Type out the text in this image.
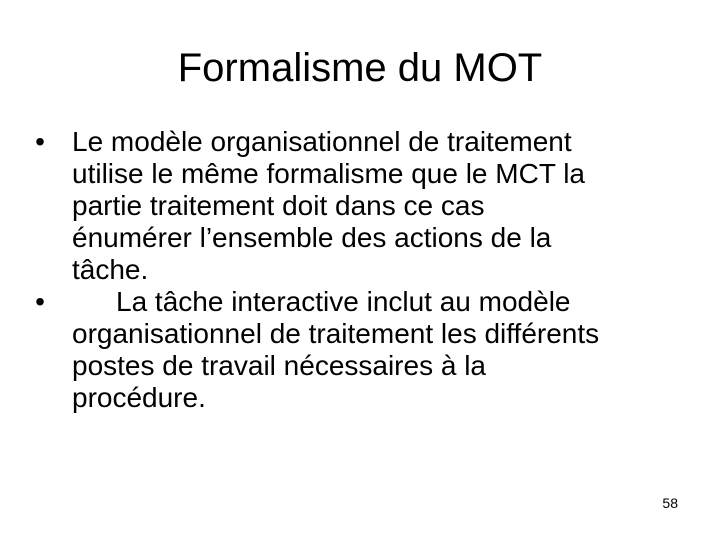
Formalisme du MOT
• Le modèle organisationnel de traitement
utilise le même formalisme que le MCT la
partie traitement doit dans ce cas
énumérer l’ensemble des actions de la
tâche.
•	La tâche interactive inclut au modèle
organisationnel de traitement les différents
postes de travail nécessaires à la
procédure.
58
